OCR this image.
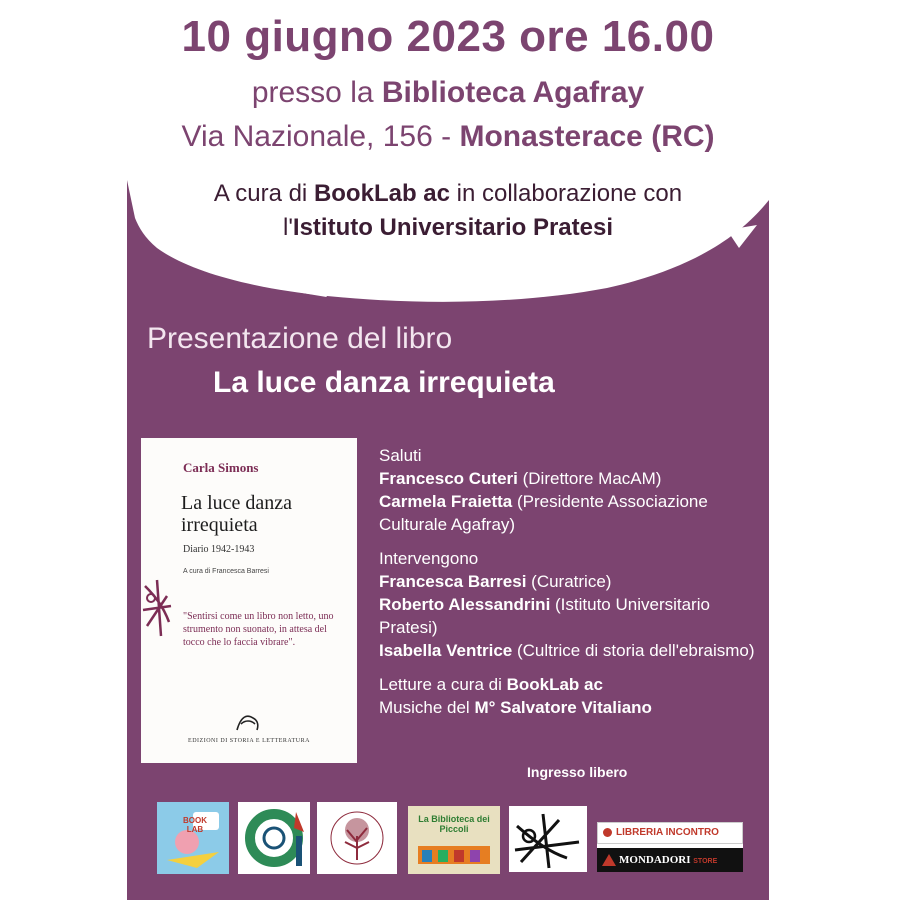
10 giugno 2023 ore 16.00
presso la Biblioteca Agafray
Via Nazionale, 156 - Monasterace (RC)
A cura di BookLab ac in collaborazione con
l'Istituto Universitario Pratesi
Presentazione del libro
La luce danza irrequieta
Carla Simons
La luce danza irrequieta
Diario 1942-1943
A cura di Francesca Barresi
"Sentirsi come un libro non letto, uno strumento non suonato, in attesa del tocco che lo faccia vibrare".
EDIZIONI DI STORIA E LETTERATURA

Saluti

Francesco Cuteri (Direttore MacAM)

Carmela Fraietta (Presidente Associazione Culturale Agafray)

Intervengono

Francesca Barresi (Curatrice)

Roberto Alessandrini (Istituto Universitario Pratesi)

Isabella Ventrice (Cultrice di storia dell'ebraismo)

Letture a cura di BookLab ac

Musiche del M° Salvatore Vitaliano

Ingresso libero
BOOK LAB
La Biblioteca dei Piccoli	LIBRERIA INCONTRO
MONDADORI STORE
